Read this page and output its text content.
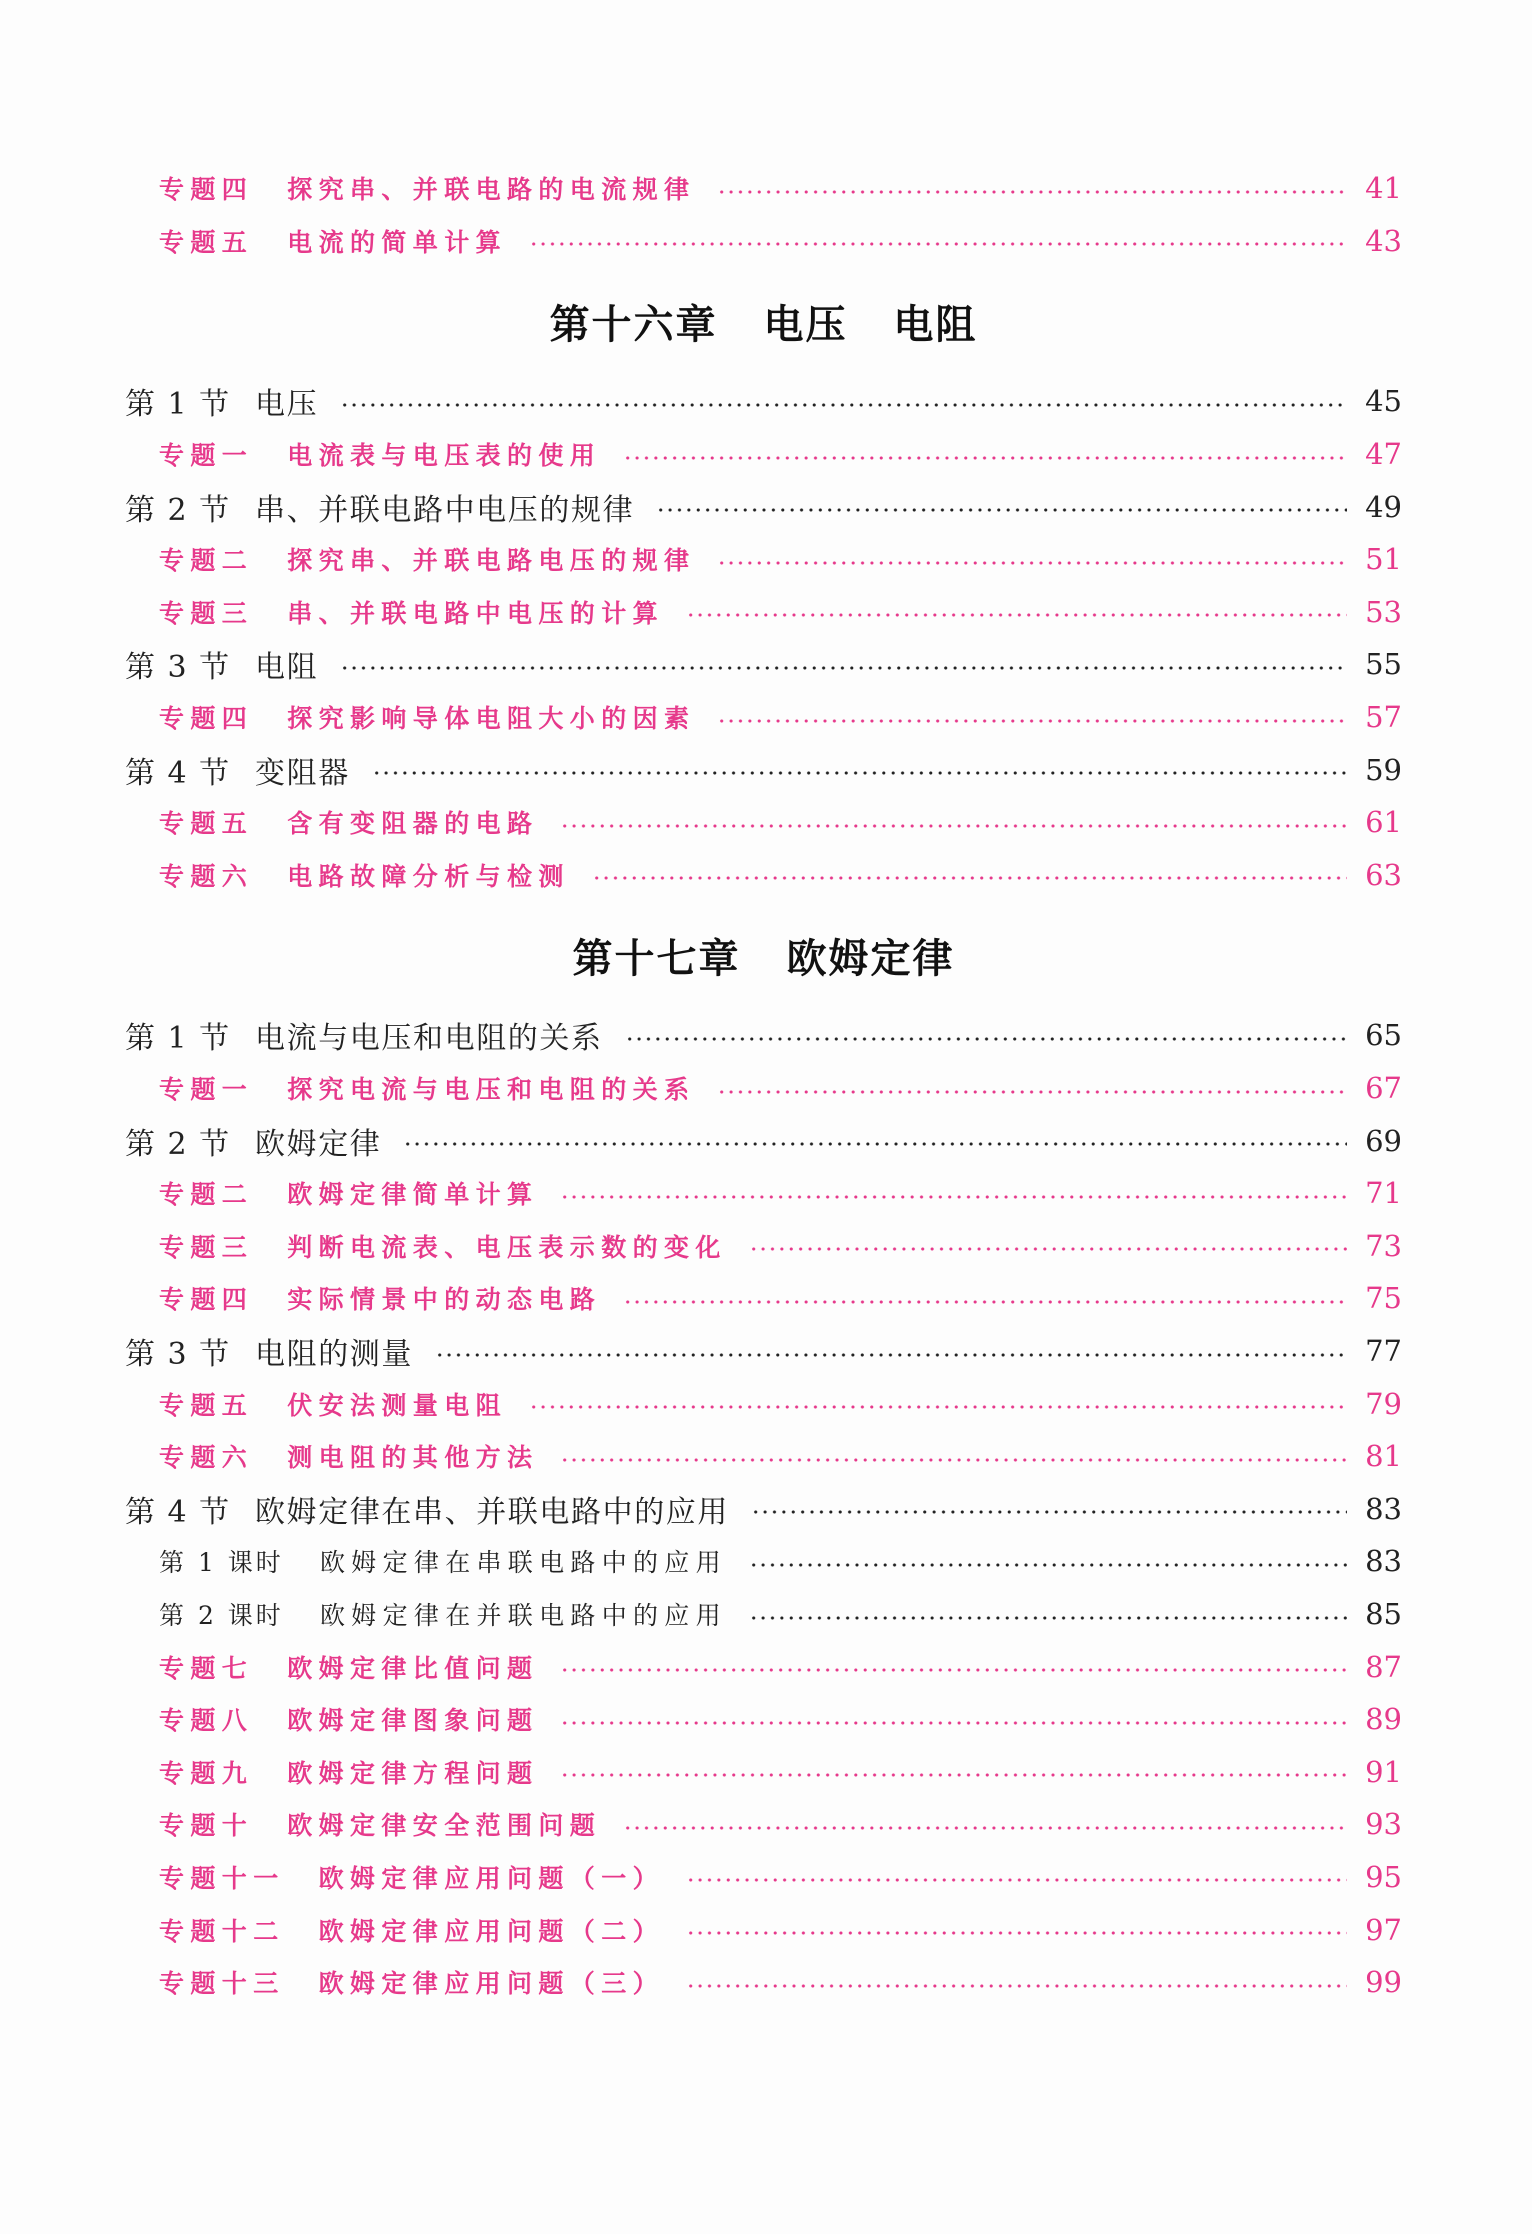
专题四 探究串、并联电路的电流规律	41
专题五 电流的简单计算	43
第十六章 电压 电阻
第 1 节 电压	45
专题一 电流表与电压表的使用	47
第 2 节 串、并联电路中电压的规律	49
专题二 探究串、并联电路电压的规律	51
专题三 串、并联电路中电压的计算	53
第 3 节 电阻	55
专题四 探究影响导体电阻大小的因素	57
第 4 节 变阻器	59
专题五 含有变阻器的电路	61
专题六 电路故障分析与检测	63
第十七章 欧姆定律
第 1 节 电流与电压和电阻的关系	65
专题一 探究电流与电压和电阻的关系	67
第 2 节 欧姆定律	69
专题二 欧姆定律简单计算	71
专题三 判断电流表、电压表示数的变化	73
专题四 实际情景中的动态电路	75
第 3 节 电阻的测量	77
专题五 伏安法测量电阻	79
专题六 测电阻的其他方法	81
第 4 节 欧姆定律在串、并联电路中的应用	83
第 1 课时 欧姆定律在串联电路中的应用	83
第 2 课时 欧姆定律在并联电路中的应用	85
专题七 欧姆定律比值问题	87
专题八 欧姆定律图象问题	89
专题九 欧姆定律方程问题	91
专题十 欧姆定律安全范围问题	93
专题十一 欧姆定律应用问题（一）	95
专题十二 欧姆定律应用问题（二）	97
专题十三 欧姆定律应用问题（三）	99
